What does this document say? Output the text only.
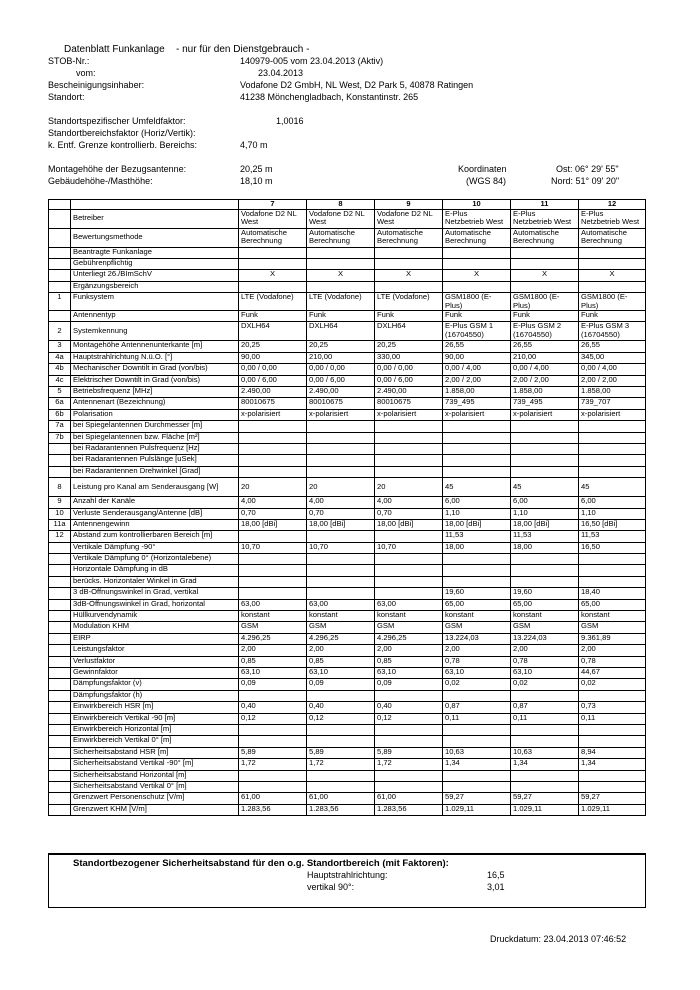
Datenblatt Funkanlage - nur für den Dienstgebrauch -
STOB-Nr.:	140979-005 vom 23.04.2013 (Aktiv)
vom:	23.04.2013
Bescheinigungsinhaber:	Vodafone D2 GmbH, NL West, D2 Park 5, 40878 Ratingen
Standort:	41238 Mönchengladbach, Konstantinstr. 265
Standortspezifischer Umfeldfaktor:	1,0016
Standortbereichsfaktor (Horiz/Vertik):
k. Entf. Grenze kontrollierb. Bereichs:	4,70 m
Montagehöhe der Bezugsantenne:	20,25 m
Gebäudehöhe-/Masthöhe:	18,10 m
Koordinaten
(WGS 84)
Ost: 06° 29' 55"
Nord: 51° 09' 20"
		7	8	9	10	11	12
	Betreiber	Vodafone D2 NL West	Vodafone D2 NL West	Vodafone D2 NL West	E-Plus Netzbetrieb West	E-Plus Netzbetrieb West	E-Plus Netzbetrieb West
	Bewertungsmethode	Automatische Berechnung	Automatische Berechnung	Automatische Berechnung	Automatische Berechnung	Automatische Berechnung	Automatische Berechnung
	Beantragte Funkanlage						
	Gebührenpflichtig						
	Unterliegt 26./BImSchV	X	X	X	X	X	X
	Ergänzungsbereich						
1	Funksystem	LTE (Vodafone)	LTE (Vodafone)	LTE (Vodafone)	GSM1800 (E-Plus)	GSM1800 (E-Plus)	GSM1800 (E-Plus)
	Antennentyp	Funk	Funk	Funk	Funk	Funk	Funk
2	Systemkennung	DXLH64	DXLH64	DXLH64	E-Plus GSM 1 (16704550)	E-Plus GSM 2 (16704550)	E-Plus GSM 3 (16704550)
3	Montagehöhe Antennenunterkante [m]	20,25	20,25	20,25	26,55	26,55	26,55
4a	Hauptstrahlrichtung N.ü.O. [°]	90,00	210,00	330,00	90,00	210,00	345,00
4b	Mechanischer Downtilt in Grad (von/bis)	0,00 / 0,00	0,00 / 0,00	0,00 / 0,00	0,00 / 4,00	0,00 / 4,00	0,00 / 4,00
4c	Elektrischer Downtilt in Grad (von/bis)	0,00 / 6,00	0,00 / 6,00	0,00 / 6,00	2,00 / 2,00	2,00 / 2,00	2,00 / 2,00
5	Betriebsfrequenz [MHz]	2.490,00	2.490,00	2.490,00	1.858,00	1.858,00	1.858,00
6a	Antennenart (Bezeichnung)	80010675	80010675	80010675	739_495	739_495	739_707
6b	Polarisation	x-polarisiert	x-polarisiert	x-polarisiert	x-polarisiert	x-polarisiert	x-polarisiert
7a	bei Spiegelantennen Durchmesser [m]						
7b	bei Spiegelantennen bzw. Fläche [m²]						
	bei Radarantennen Pulsfrequenz [Hz]						
	bei Radarantennen Pulslänge [uSek]						
	bei Radarantennen Drehwinkel [Grad]						
8	Leistung pro Kanal am Senderausgang [W]	20	20	20	45	45	45
9	Anzahl der Kanäle	4,00	4,00	4,00	6,00	6,00	6,00
10	Verluste Senderausgang/Antenne [dB]	0,70	0,70	0,70	1,10	1,10	1,10
11a	Antennengewinn	18,00 [dBi]	18,00 [dBi]	18,00 [dBi]	18,00 [dBi]	18,00 [dBi]	16,50 [dBi]
12	Abstand zum kontrollierbaren Bereich [m]				11,53	11,53	11,53
	Vertikale Dämpfung -90°	10,70	10,70	10,70	18,00	18,00	16,50
	Vertikale Dämpfung 0° (Horizontalebene)						
	Horizontale Dämpfung in dB						
	berücks. Horizontaler Winkel in Grad						
	3 dB-Öffnungswinkel in Grad, vertikal				19,60	19,60	18,40
	3dB-Öffnungswinkel in Grad, horizontal	63,00	63,00	63,00	65,00	65,00	65,00
	Hüllkurvendynamik	konstant	konstant	konstant	konstant	konstant	konstant
	Modulation KHM	GSM	GSM	GSM	GSM	GSM	GSM
	EIRP	4.296,25	4.296,25	4.296,25	13.224,03	13.224,03	9.361,89
	Leistungsfaktor	2,00	2,00	2,00	2,00	2,00	2,00
	Verlustfaktor	0,85	0,85	0,85	0,78	0,78	0,78
	Gewinnfaktor	63,10	63,10	63,10	63,10	63,10	44,67
	Dämpfungsfaktor (v)	0,09	0,09	0,09	0,02	0,02	0,02
	Dämpfungsfaktor (h)						
	Einwirkbereich HSR [m]	0,40	0,40	0,40	0,87	0,87	0,73
	Einwirkbereich Vertikal -90 [m]	0,12	0,12	0,12	0,11	0,11	0,11
	Einwirkbereich Horizontal [m]						
	Einwirkbereich Vertikal 0° [m]						
	Sicherheitsabstand HSR [m]	5,89	5,89	5,89	10,63	10,63	8,94
	Sicherheitsabstand Vertikal -90° [m]	1,72	1,72	1,72	1,34	1,34	1,34
	Sicherheitsabstand Horizontal [m]						
	Sicherheitsabstand Vertikal 0° [m]						
	Grenzwert Personenschutz [V/m]	61,00	61,00	61,00	59,27	59,27	59,27
	Grenzwert KHM [V/m]	1.283,56	1.283,56	1.283,56	1.029,11	1.029,11	1.029,11
Standortbezogener Sicherheitsabstand für den o.g. Standortbereich (mit Faktoren):
Hauptstrahlrichtung:	16,5
vertikal 90°:	3,01
Druckdatum: 23.04.2013 07:46:52
